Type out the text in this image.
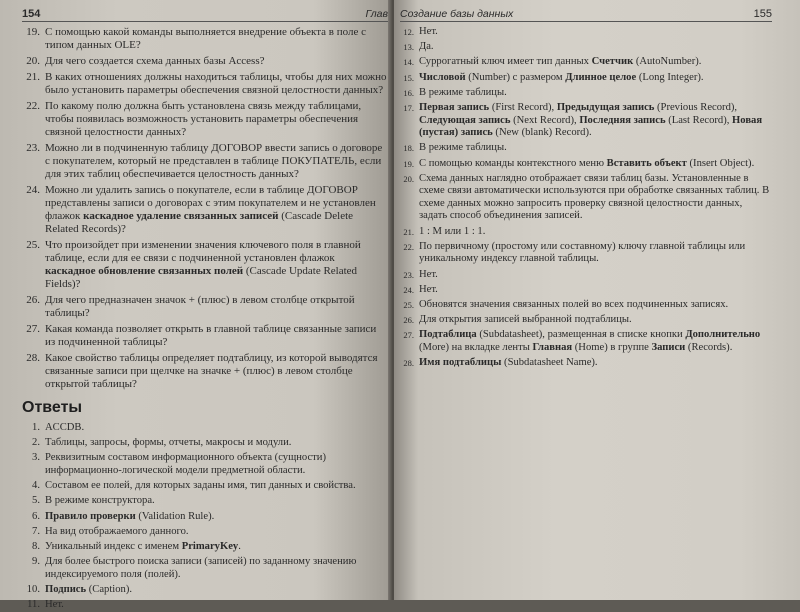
154	Глав
19. С помощью какой команды выполняется внедрение объекта в поле с типом данных OLE?
20. Для чего создается схема данных базы Access?
21. В каких отношениях должны находиться таблицы, чтобы для них можно было установить параметры обеспечения связной целостности данных?
22. По какому полю должна быть установлена связь между таблицами, чтобы появилась возможность установить параметры обеспечения связной целостности данных?
23. Можно ли в подчиненную таблицу ДОГОВОР ввести запись о договоре с покупателем, который не представлен в таблице ПОКУПАТЕЛЬ, если для этих таблиц обеспечивается целостность данных?
24. Можно ли удалить запись о покупателе, если в таблице ДОГОВОР представлены записи о договорах с этим покупателем и не установлен флажок каскадное удаление связанных записей (Cascade Delete Related Records)?
25. Что произойдет при изменении значения ключевого поля в главной таблице, если для ее связи с подчиненной установлен флажок каскадное обновление связанных полей (Cascade Update Related Fields)?
26. Для чего предназначен значок + (плюс) в левом столбце открытой таблицы?
27. Какая команда позволяет открыть в главной таблице связанные записи из подчиненной таблицы?
28. Какое свойство таблицы определяет подтаблицу, из которой выводятся связанные записи при щелчке на значке + (плюс) в левом столбце открытой таблицы?
Ответы
1. ACCDB.
2. Таблицы, запросы, формы, отчеты, макросы и модули.
3. Реквизитным составом информационного объекта (сущности) информационно-логической модели предметной области.
4. Составом ее полей, для которых заданы имя, тип данных и свойства.
5. В режиме конструктора.
6. Правило проверки (Validation Rule).
7. На вид отображаемого данного.
8. Уникальный индекс с именем PrimaryKey.
9. Для более быстрого поиска записи (записей) по заданному значению индексируемого поля (полей).
10. Подпись (Caption).
11. Нет.
Создание базы данных	155
12. Нет.
13. Да.
14. Суррогатный ключ имеет тип данных Счетчик (AutoNumber).
15. Числовой (Number) с размером Длинное целое (Long Integer).
16. В режиме таблицы.
17. Первая запись (First Record), Предыдущая запись (Previous Record), Следующая запись (Next Record), Последняя запись (Last Record), Новая (пустая) запись (New (blank) Record).
18. В режиме таблицы.
19. С помощью команды контекстного меню Вставить объект (Insert Object).
20. Схема данных наглядно отображает связи таблиц базы. Установленные в схеме связи автоматически используются при обработке связанных таблиц. В схеме данных можно запросить проверку связной целостности данных, задать способ объединения записей.
21. 1 : М или 1 : 1.
22. По первичному (простому или составному) ключу главной таблицы или уникальному индексу главной таблицы.
23. Нет.
24. Нет.
25. Обновятся значения связанных полей во всех подчиненных записях.
26. Для открытия записей выбранной подтаблицы.
27. Подтаблица (Subdatasheet), размещенная в списке кнопки Дополнительно (More) на вкладке ленты Главная (Home) в группе Записи (Records).
28. Имя подтаблицы (Subdatasheet Name).
